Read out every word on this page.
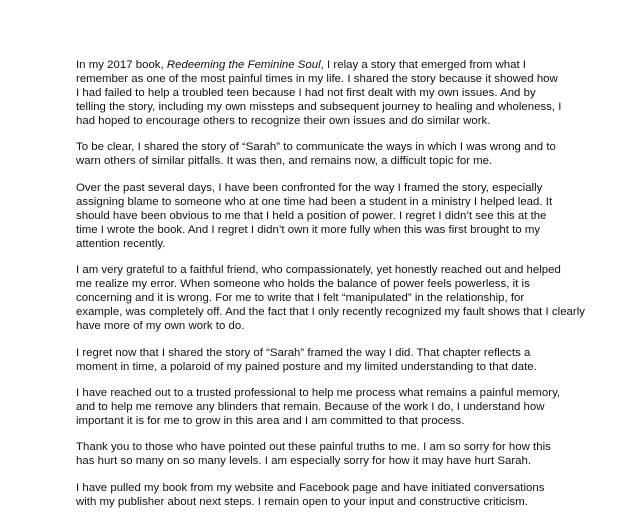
In my 2017 book, Redeeming the Feminine Soul, I relay a story that emerged from what I
remember as one of the most painful times in my life. I shared the story because it showed how
I had failed to help a troubled teen because I had not first dealt with my own issues. And by
telling the story, including my own missteps and subsequent journey to healing and wholeness, I
had hoped to encourage others to recognize their own issues and do similar work.

To be clear, I shared the story of “Sarah” to communicate the ways in which I was wrong and to
warn others of similar pitfalls. It was then, and remains now, a difficult topic for me.

Over the past several days, I have been confronted for the way I framed the story, especially
assigning blame to someone who at one time had been a student in a ministry I helped lead. It
should have been obvious to me that I held a position of power. I regret I didn’t see this at the
time I wrote the book. And I regret I didn’t own it more fully when this was first brought to my
attention recently.

I am very grateful to a faithful friend, who compassionately, yet honestly reached out and helped
me realize my error. When someone who holds the balance of power feels powerless, it is
concerning and it is wrong. For me to write that I felt “manipulated” in the relationship, for
example, was completely off. And the fact that I only recently recognized my fault shows that I clearly
have more of my own work to do.

I regret now that I shared the story of “Sarah” framed the way I did. That chapter reflects a
moment in time, a polaroid of my pained posture and my limited understanding to that date.

I have reached out to a trusted professional to help me process what remains a painful memory,
and to help me remove any blinders that remain. Because of the work I do, I understand how
important it is for me to grow in this area and I am committed to that process.

Thank you to those who have pointed out these painful truths to me. I am so sorry for how this
has hurt so many on so many levels. I am especially sorry for how it may have hurt Sarah.

I have pulled my book from my website and Facebook page and have initiated conversations
with my publisher about next steps. I remain open to your input and constructive criticism.
